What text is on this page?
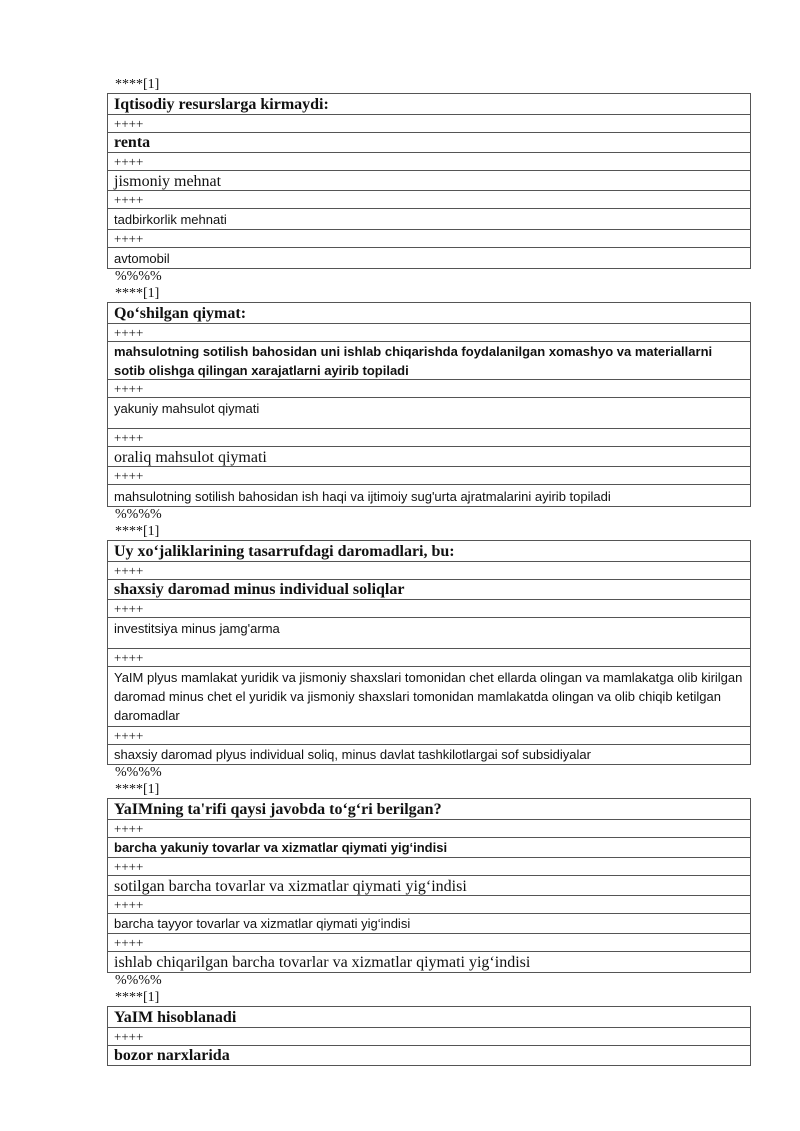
****[1]
Iqtisodiy resurslarga kirmaydi:
++++
renta
++++
jismoniy mehnat
++++
tadbirkorlik mehnati
++++
avtomobil
%%%%
****[1]
Qo‘shilgan qiymat:
++++
mahsulotning sotilish bahosidan uni ishlab chiqarishda foydalanilgan xomashyo va materiallarni sotib olishga qilingan xarajatlarni ayirib topiladi
++++
yakuniy mahsulot qiymati
++++
oraliq mahsulot qiymati
++++
mahsulotning sotilish bahosidan ish haqi va ijtimoiy sug'urta ajratmalarini ayirib topiladi
%%%%
****[1]
Uy xo‘jaliklarining tasarrufdagi daromadlari, bu:
++++
shaxsiy daromad minus individual soliqlar
++++
investitsiya minus jamg'arma
++++
YaIM plyus mamlakat yuridik va jismoniy shaxslari tomonidan chet ellarda olingan va mamlakatga olib kirilgan daromad minus chet el yuridik va jismoniy shaxslari tomonidan mamlakatda olingan va olib chiqib ketilgan daromadlar
++++
shaxsiy daromad plyus individual soliq, minus davlat tashkilotlargai sof subsidiyalar
%%%%
****[1]
YaIMning ta'rifi qaysi javobda to‘g‘ri berilgan?
++++
barcha yakuniy tovarlar va xizmatlar qiymati yig‘indisi
++++
sotilgan barcha tovarlar va xizmatlar qiymati yig‘indisi
++++
barcha tayyor tovarlar va xizmatlar qiymati yig‘indisi
++++
ishlab chiqarilgan barcha tovarlar va xizmatlar qiymati yig‘indisi
%%%%
****[1]
YaIM hisoblanadi
++++
bozor narxlarida
